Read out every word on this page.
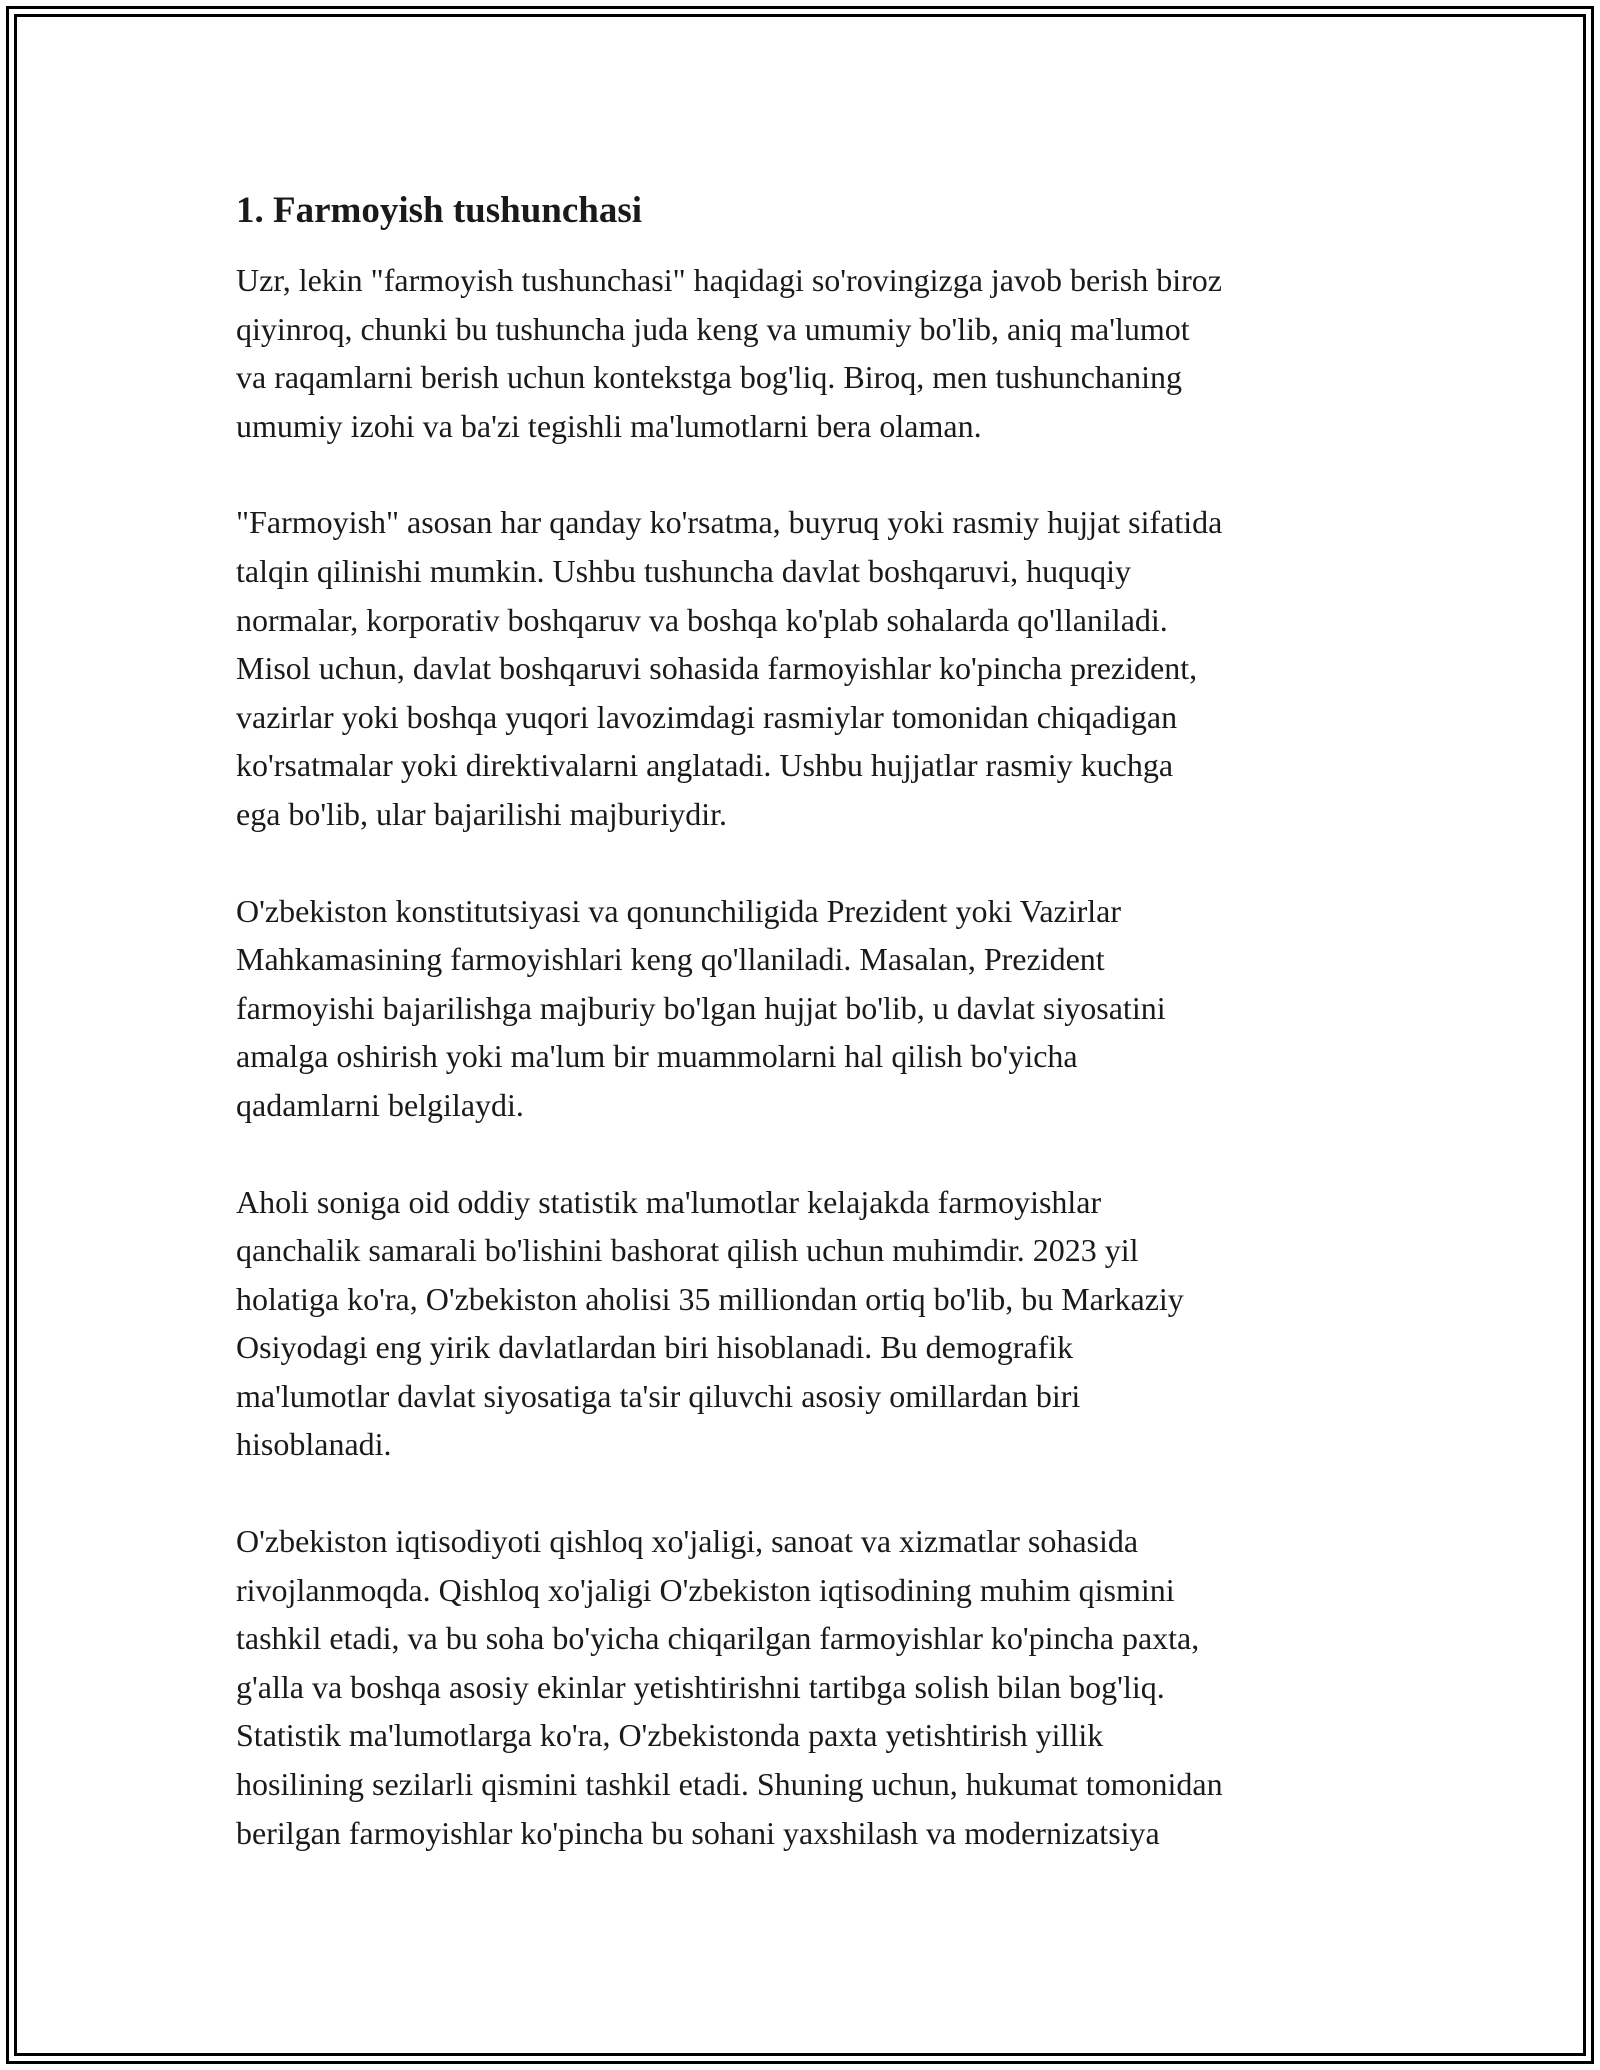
1. Farmoyish tushunchasi
Uzr, lekin "farmoyish tushunchasi" haqidagi so'rovingizga javob berish biroz
qiyinroq, chunki bu tushuncha juda keng va umumiy bo'lib, aniq ma'lumot
va raqamlarni berish uchun kontekstga bog'liq. Biroq, men tushunchaning
umumiy izohi va ba'zi tegishli ma'lumotlarni bera olaman.
"Farmoyish" asosan har qanday ko'rsatma, buyruq yoki rasmiy hujjat sifatida
talqin qilinishi mumkin. Ushbu tushuncha davlat boshqaruvi, huquqiy
normalar, korporativ boshqaruv va boshqa ko'plab sohalarda qo'llaniladi.
Misol uchun, davlat boshqaruvi sohasida farmoyishlar ko'pincha prezident,
vazirlar yoki boshqa yuqori lavozimdagi rasmiylar tomonidan chiqadigan
ko'rsatmalar yoki direktivalarni anglatadi. Ushbu hujjatlar rasmiy kuchga
ega bo'lib, ular bajarilishi majburiydir.
O'zbekiston konstitutsiyasi va qonunchiligida Prezident yoki Vazirlar
Mahkamasining farmoyishlari keng qo'llaniladi. Masalan, Prezident
farmoyishi bajarilishga majburiy bo'lgan hujjat bo'lib, u davlat siyosatini
amalga oshirish yoki ma'lum bir muammolarni hal qilish bo'yicha
qadamlarni belgilaydi.
Aholi soniga oid oddiy statistik ma'lumotlar kelajakda farmoyishlar
qanchalik samarali bo'lishini bashorat qilish uchun muhimdir. 2023 yil
holatiga ko'ra, O'zbekiston aholisi 35 milliondan ortiq bo'lib, bu Markaziy
Osiyodagi eng yirik davlatlardan biri hisoblanadi. Bu demografik
ma'lumotlar davlat siyosatiga ta'sir qiluvchi asosiy omillardan biri
hisoblanadi.
O'zbekiston iqtisodiyoti qishloq xo'jaligi, sanoat va xizmatlar sohasida
rivojlanmoqda. Qishloq xo'jaligi O'zbekiston iqtisodining muhim qismini
tashkil etadi, va bu soha bo'yicha chiqarilgan farmoyishlar ko'pincha paxta,
g'alla va boshqa asosiy ekinlar yetishtirishni tartibga solish bilan bog'liq.
Statistik ma'lumotlarga ko'ra, O'zbekistonda paxta yetishtirish yillik
hosilining sezilarli qismini tashkil etadi. Shuning uchun, hukumat tomonidan
berilgan farmoyishlar ko'pincha bu sohani yaxshilash va modernizatsiya
